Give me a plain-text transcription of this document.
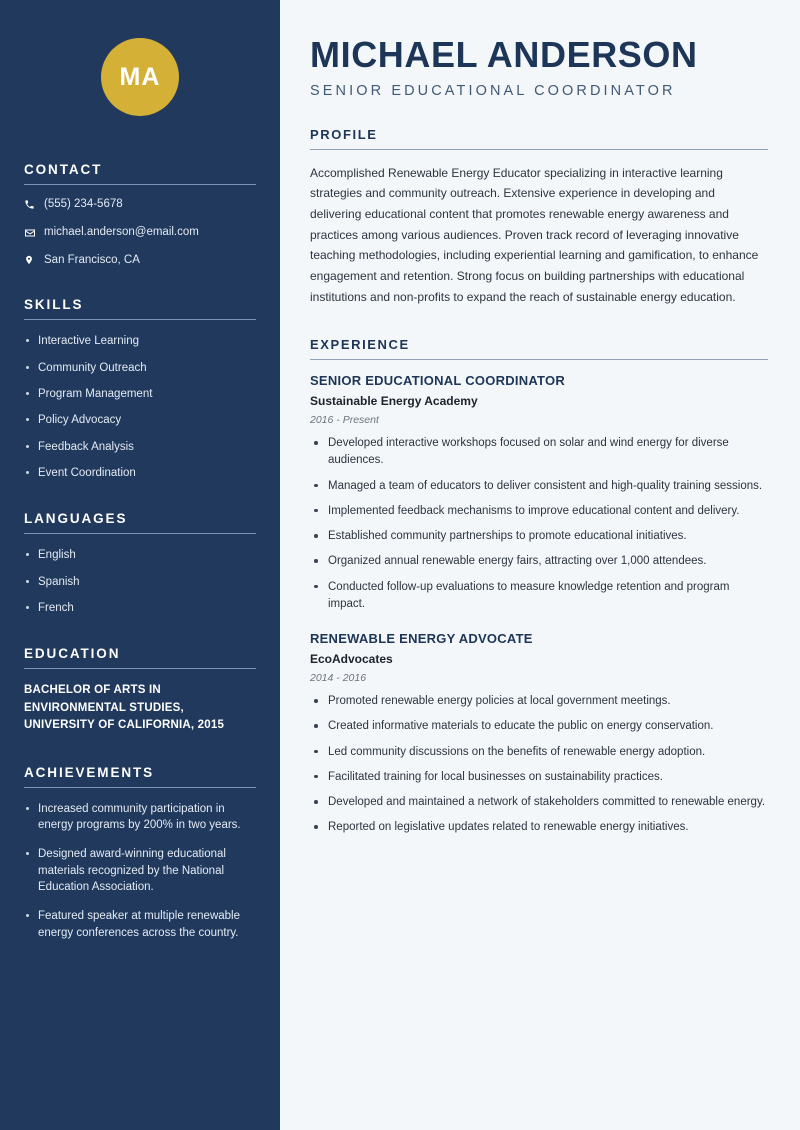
MA
CONTACT
(555) 234-5678
michael.anderson@email.com
San Francisco, CA
SKILLS
Interactive Learning
Community Outreach
Program Management
Policy Advocacy
Feedback Analysis
Event Coordination
LANGUAGES
English
Spanish
French
EDUCATION
BACHELOR OF ARTS IN ENVIRONMENTAL STUDIES, UNIVERSITY OF CALIFORNIA, 2015
ACHIEVEMENTS
Increased community participation in energy programs by 200% in two years.
Designed award-winning educational materials recognized by the National Education Association.
Featured speaker at multiple renewable energy conferences across the country.
MICHAEL ANDERSON
SENIOR EDUCATIONAL COORDINATOR
PROFILE

Accomplished Renewable Energy Educator specializing in interactive learning strategies and community outreach. Extensive experience in developing and delivering educational content that promotes renewable energy awareness and practices among various audiences. Proven track record of leveraging innovative teaching methodologies, including experiential learning and gamification, to enhance engagement and retention. Strong focus on building partnerships with educational institutions and non-profits to expand the reach of sustainable energy education.

EXPERIENCE
SENIOR EDUCATIONAL COORDINATOR
Sustainable Energy Academy
2016 - Present
Developed interactive workshops focused on solar and wind energy for diverse audiences.
Managed a team of educators to deliver consistent and high-quality training sessions.
Implemented feedback mechanisms to improve educational content and delivery.
Established community partnerships to promote educational initiatives.
Organized annual renewable energy fairs, attracting over 1,000 attendees.
Conducted follow-up evaluations to measure knowledge retention and program impact.
RENEWABLE ENERGY ADVOCATE
EcoAdvocates
2014 - 2016
Promoted renewable energy policies at local government meetings.
Created informative materials to educate the public on energy conservation.
Led community discussions on the benefits of renewable energy adoption.
Facilitated training for local businesses on sustainability practices.
Developed and maintained a network of stakeholders committed to renewable energy.
Reported on legislative updates related to renewable energy initiatives.
